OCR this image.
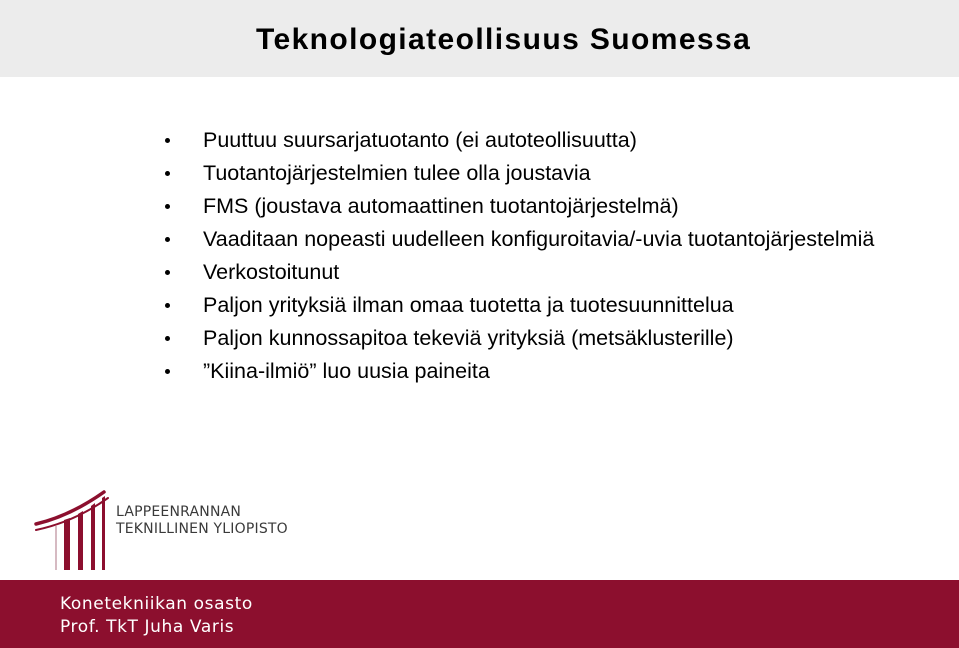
Teknologiateollisuus Suomessa
Puuttuu suursarjatuotanto (ei autoteollisuutta)
Tuotantojärjestelmien tulee olla joustavia
FMS (joustava automaattinen tuotantojärjestelmä)
Vaaditaan nopeasti uudelleen konfiguroitavia/-uvia tuotantojärjestelmiä
Verkostoitunut
Paljon yrityksiä ilman omaa tuotetta ja tuotesuunnittelua
Paljon kunnossapitoa tekeviä yrityksiä (metsäklusterille)
”Kiina-ilmiö” luo uusia paineita
LAPPEENRANNAN
TEKNILLINEN YLIOPISTO
Konetekniikan osasto
Prof. TkT Juha Varis
